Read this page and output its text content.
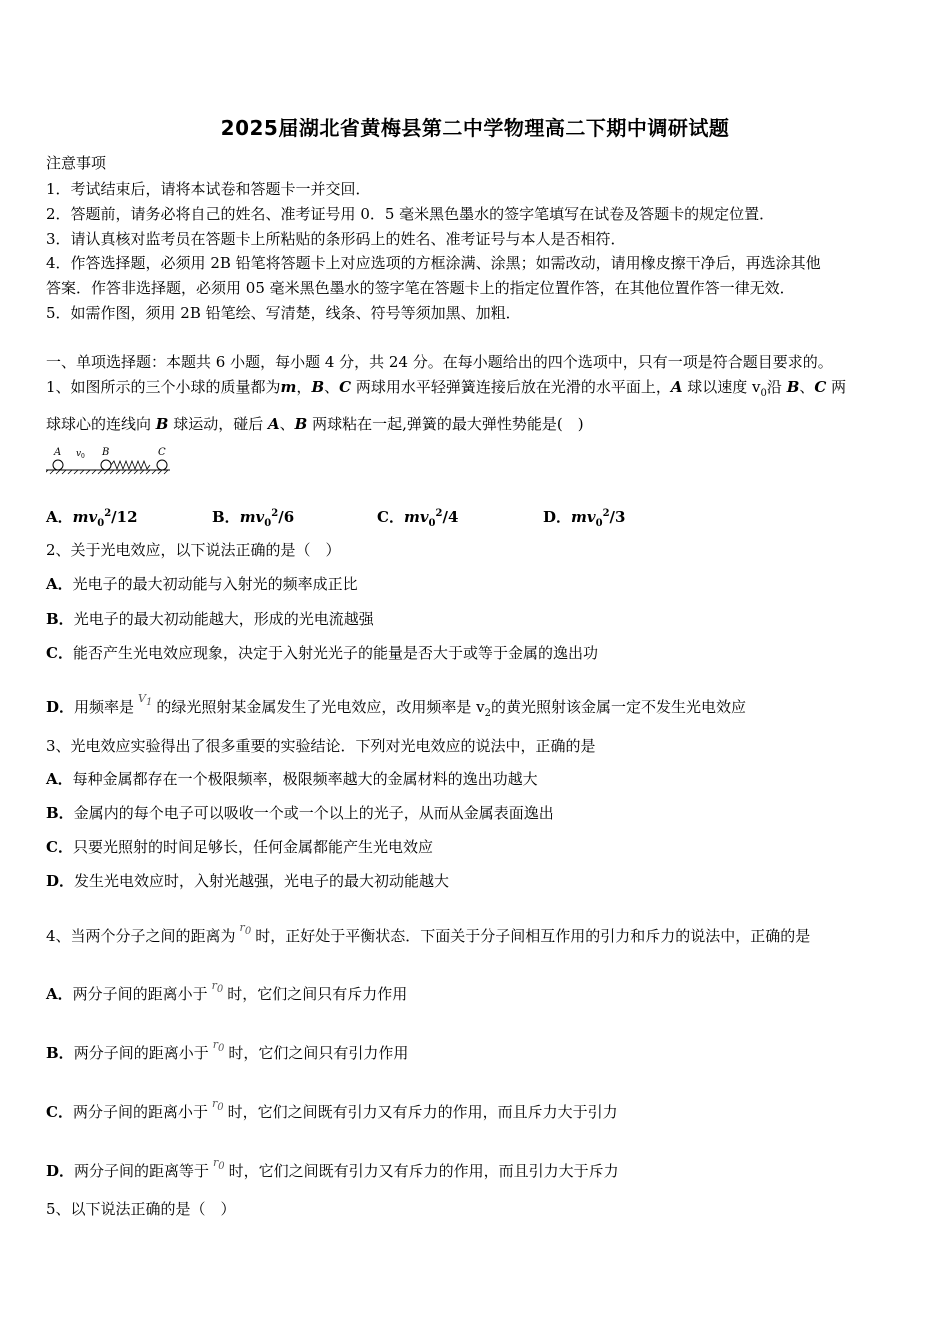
2025届湖北省黄梅县第二中学物理高二下期中调研试题
注意事项
1．考试结束后，请将本试卷和答题卡一并交回．
2．答题前，请务必将自己的姓名、准考证号用 0．5 毫米黑色墨水的签字笔填写在试卷及答题卡的规定位置．
3．请认真核对监考员在答题卡上所粘贴的条形码上的姓名、准考证号与本人是否相符．
4．作答选择题，必须用 2B 铅笔将答题卡上对应选项的方框涂满、涂黑；如需改动，请用橡皮擦干净后，再选涂其他
答案．作答非选择题，必须用 05 毫米黑色墨水的签字笔在答题卡上的指定位置作答，在其他位置作答一律无效．
5．如需作图，须用 2B 铅笔绘、写清楚，线条、符号等须加黑、加粗．
一、单项选择题：本题共 6 小题，每小题 4 分，共 24 分。在每小题给出的四个选项中，只有一项是符合题目要求的。
1、如图所示的三个小球的质量都为m，B、C 两球用水平轻弹簧连接后放在光滑的水平面上，A 球以速度 $v_0$沿 B、C 两
球球心的连线向 B 球运动，碰后 A、B 两球粘在一起,弹簧的最大弹性势能是(　)
A v 0 B	C
A．$mv_0^2/12$	B．$mv_0^2/6$	C．$mv_0^2/4$	D．$mv_0^2/3$
2、关于光电效应，以下说法正确的是（　）
A．光电子的最大初动能与入射光的频率成正比
B．光电子的最大初动能越大，形成的光电流越强
C．能否产生光电效应现象，决定于入射光光子的能量是否大于或等于金属的逸出功
D．用频率是 $^{V_1}$ 的绿光照射某金属发生了光电效应，改用频率是 $v_2$的黄光照射该金属一定不发生光电效应
3、光电效应实验得出了很多重要的实验结论．下列对光电效应的说法中，正确的是
A．每种金属都存在一个极限频率，极限频率越大的金属材料的逸出功越大
B．金属内的每个电子可以吸收一个或一个以上的光子，从而从金属表面逸出
C．只要光照射的时间足够长，任何金属都能产生光电效应
D．发生光电效应时，入射光越强，光电子的最大初动能越大
4、当两个分子之间的距离为 $^{r_0}$ 时，正好处于平衡状态．下面关于分子间相互作用的引力和斥力的说法中，正确的是
A．两分子间的距离小于 $^{r_0}$ 时，它们之间只有斥力作用
B．两分子间的距离小于 $^{r_0}$ 时，它们之间只有引力作用
C．两分子间的距离小于 $^{r_0}$ 时，它们之间既有引力又有斥力的作用，而且斥力大于引力
D．两分子间的距离等于 $^{r_0}$ 时，它们之间既有引力又有斥力的作用，而且引力大于斥力
5、以下说法正确的是（　）
